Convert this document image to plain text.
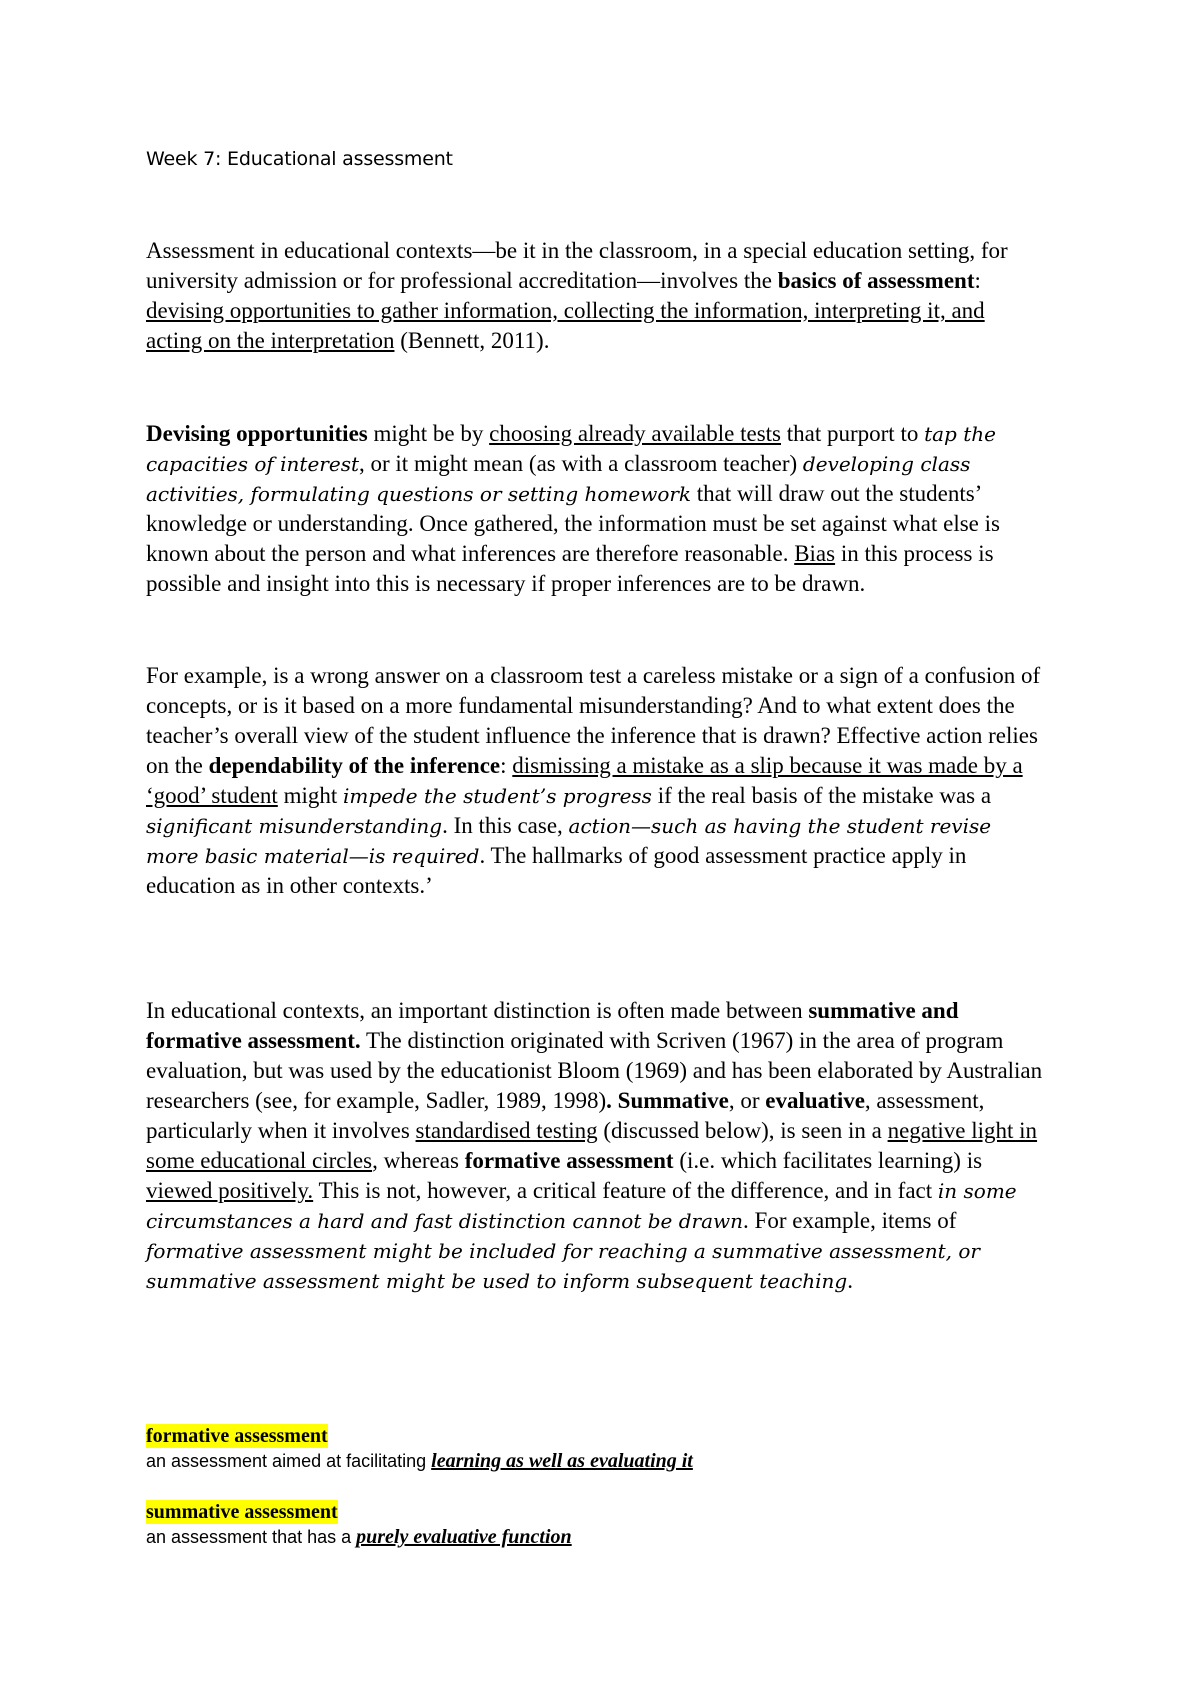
Week 7: Educational assessment

Assessment in educational contexts—be it in the classroom, in a special education setting, for university admission or for professional accreditation—involves the basics of assessment: devising opportunities to gather information, collecting the information, interpreting it, and acting on the interpretation (Bennett, 2011).

Devising opportunities might be by choosing already available tests that purport to tap the capacities of interest, or it might mean (as with a classroom teacher) developing class activities, formulating questions or setting homework that will draw out the students’ knowledge or understanding. Once gathered, the information must be set against what else is known about the person and what inferences are therefore reasonable. Bias in this process is possible and insight into this is necessary if proper inferences are to be drawn.

For example, is a wrong answer on a classroom test a careless mistake or a sign of a confusion of concepts, or is it based on a more fundamental misunderstanding? And to what extent does the teacher’s overall view of the student influence the inference that is drawn? Effective action relies on the dependability of the inference: dismissing a mistake as a slip because it was made by a ‘good’ student might impede the student’s progress if the real basis of the mistake was a significant misunderstanding. In this case, action—such as having the student revise more basic material—is required. The hallmarks of good assessment practice apply in education as in other contexts.’

In educational contexts, an important distinction is often made between summative and formative assessment. The distinction originated with Scriven (1967) in the area of program evaluation, but was used by the educationist Bloom (1969) and has been elaborated by Australian researchers (see, for example, Sadler, 1989, 1998). Summative, or evaluative, assessment, particularly when it involves standardised testing (discussed below), is seen in a negative light in some educational circles, whereas formative assessment (i.e. which facilitates learning) is viewed positively. This is not, however, a critical feature of the difference, and in fact in some circumstances a hard and fast distinction cannot be drawn. For example, items of formative assessment might be included for reaching a summative assessment, or summative assessment might be used to inform subsequent teaching.

formative assessment
an assessment aimed at facilitating learning as well as evaluating it
summative assessment
an assessment that has a purely evaluative function
